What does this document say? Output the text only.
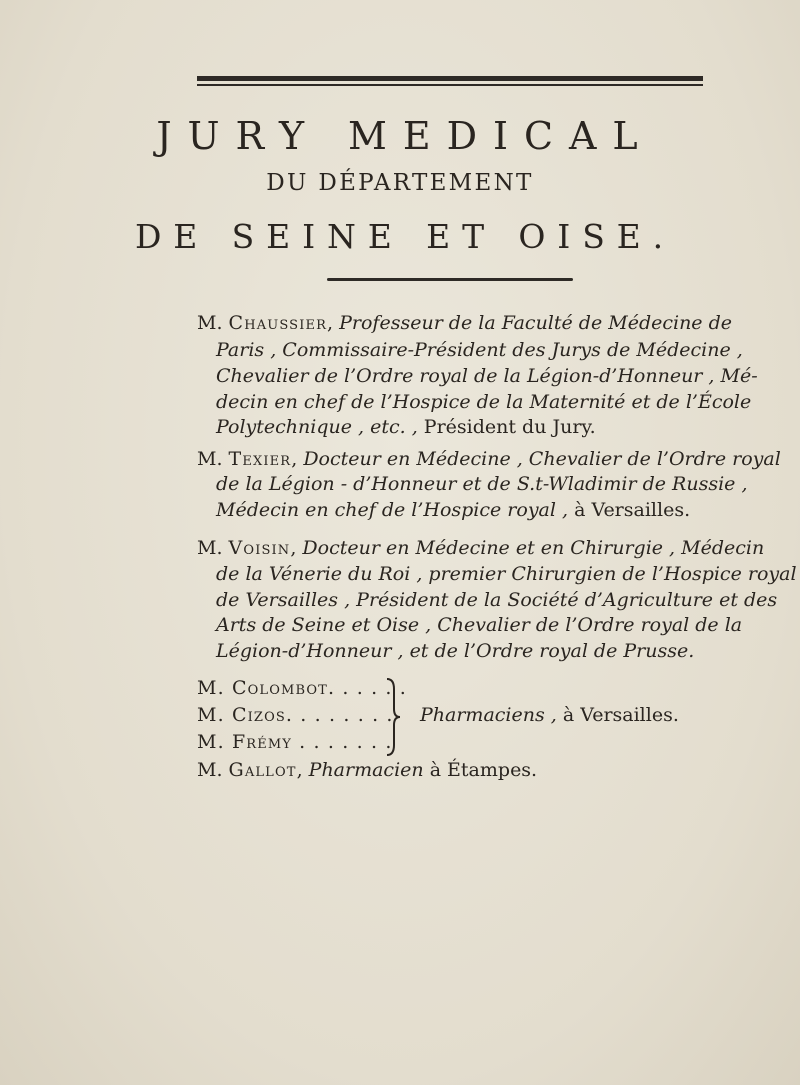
JURY MEDICAL
DU DÉPARTEMENT
DE SEINE ET OISE.
M. Chaussier, Professeur de la Faculté de Médecine de
Paris , Commissaire-Président des Jurys de Médecine ,
Chevalier de l’Ordre royal de la Légion-d’Honneur , Mé-
decin en chef de l’Hospice de la Maternité et de l’École
Polytechnique , etc. , Président du Jury.
M. Texier, Docteur en Médecine , Chevalier de l’Ordre royal
de la Légion - d’Honneur et de S.t-Wladimir de Russie ,
Médecin en chef de l’Hospice royal , à Versailles.
M. Voisin, Docteur en Médecine et en Chirurgie , Médecin
de la Vénerie du Roi , premier Chirurgien de l’Hospice royal
de Versailles , Président de la Société d’Agriculture et des
Arts de Seine et Oise , Chevalier de l’Ordre royal de la
Légion-d’Honneur , et de l’Ordre royal de Prusse.
M. Colombot. . . . . .
M. Cizos. . . . . . . .
M. Frémy . . . . . . .
Pharmaciens , à Versailles.
M. Gallot, Pharmacien à Étampes.
